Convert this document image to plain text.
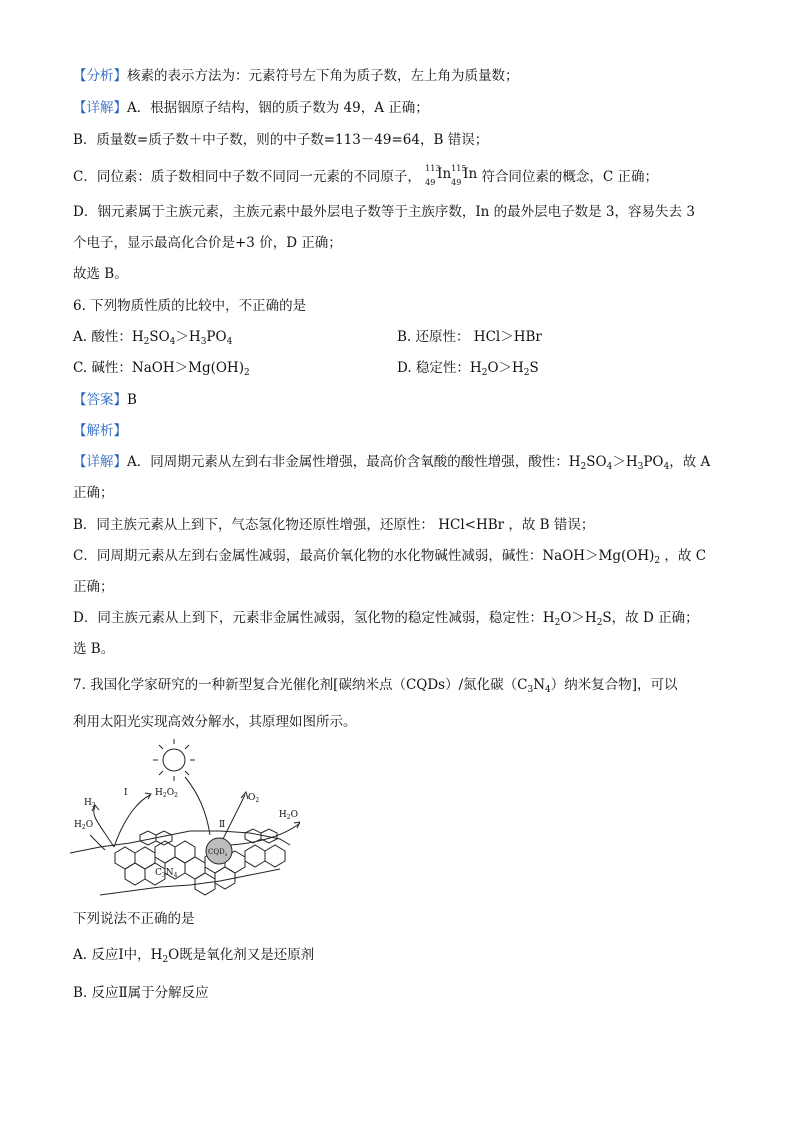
【分析】核素的表示方法为：元素符号左下角为质子数，左上角为质量数；
【详解】A．根据铟原子结构，铟的质子数为 49，A 正确；
B．质量数=质子数＋中子数，则的中子数=113－49=64，B 错误；
C．同位素：质子数相同中子数不同同一元素的不同原子，
113
49
In 115
49
In 符合同位素的概念，C 正确；
D．铟元素属于主族元素，主族元素中最外层电子数等于主族序数，In 的最外层电子数是 3，容易失去 3
个电子，显示最高化合价是+3 价，D 正确；
故选 B。
6. 下列物质性质的比较中，不正确的是
A. 酸性：$H_2SO_4>H_3PO_4$	B. 还原性： HCl＞HBr
C. 碱性：$NaOH>Mg(OH)_2$	D. 稳定性：$H_2O>H_2S$
【答案】B
【解析】
【详解】A．同周期元素从左到右非金属性增强，最高价含氧酸的酸性增强，酸性：$H_2SO_4>H_3PO_4$，故 A
正确；
B．同主族元素从上到下，气态氢化物还原性增强，还原性： HCl<HBr ，故 B 错误；
C．同周期元素从左到右金属性减弱，最高价氧化物的水化物碱性减弱，碱性：$NaOH>Mg(OH)_2$ ，故 C
正确；
D．同主族元素从上到下，元素非金属性减弱，氢化物的稳定性减弱，稳定性：$H_2O>H_2S$，故 D 正确；
选 B。
7. 我国化学家研究的一种新型复合光催化剂[碳纳米点（CQDs）/氮化碳$(C_3N_4)$纳米复合物]，可以
利用太阳光实现高效分解水，其原理如图所示。
$H_2$
I	$H_2O_2$	$O_2$
Ⅱ
$H_2O$
$H_2O$
$CQD_s$
$C_3N_4$
下列说法不正确的是
A. 反应Ⅰ中，$H_2O$既是氧化剂又是还原剂
B. 反应Ⅱ属于分解反应
